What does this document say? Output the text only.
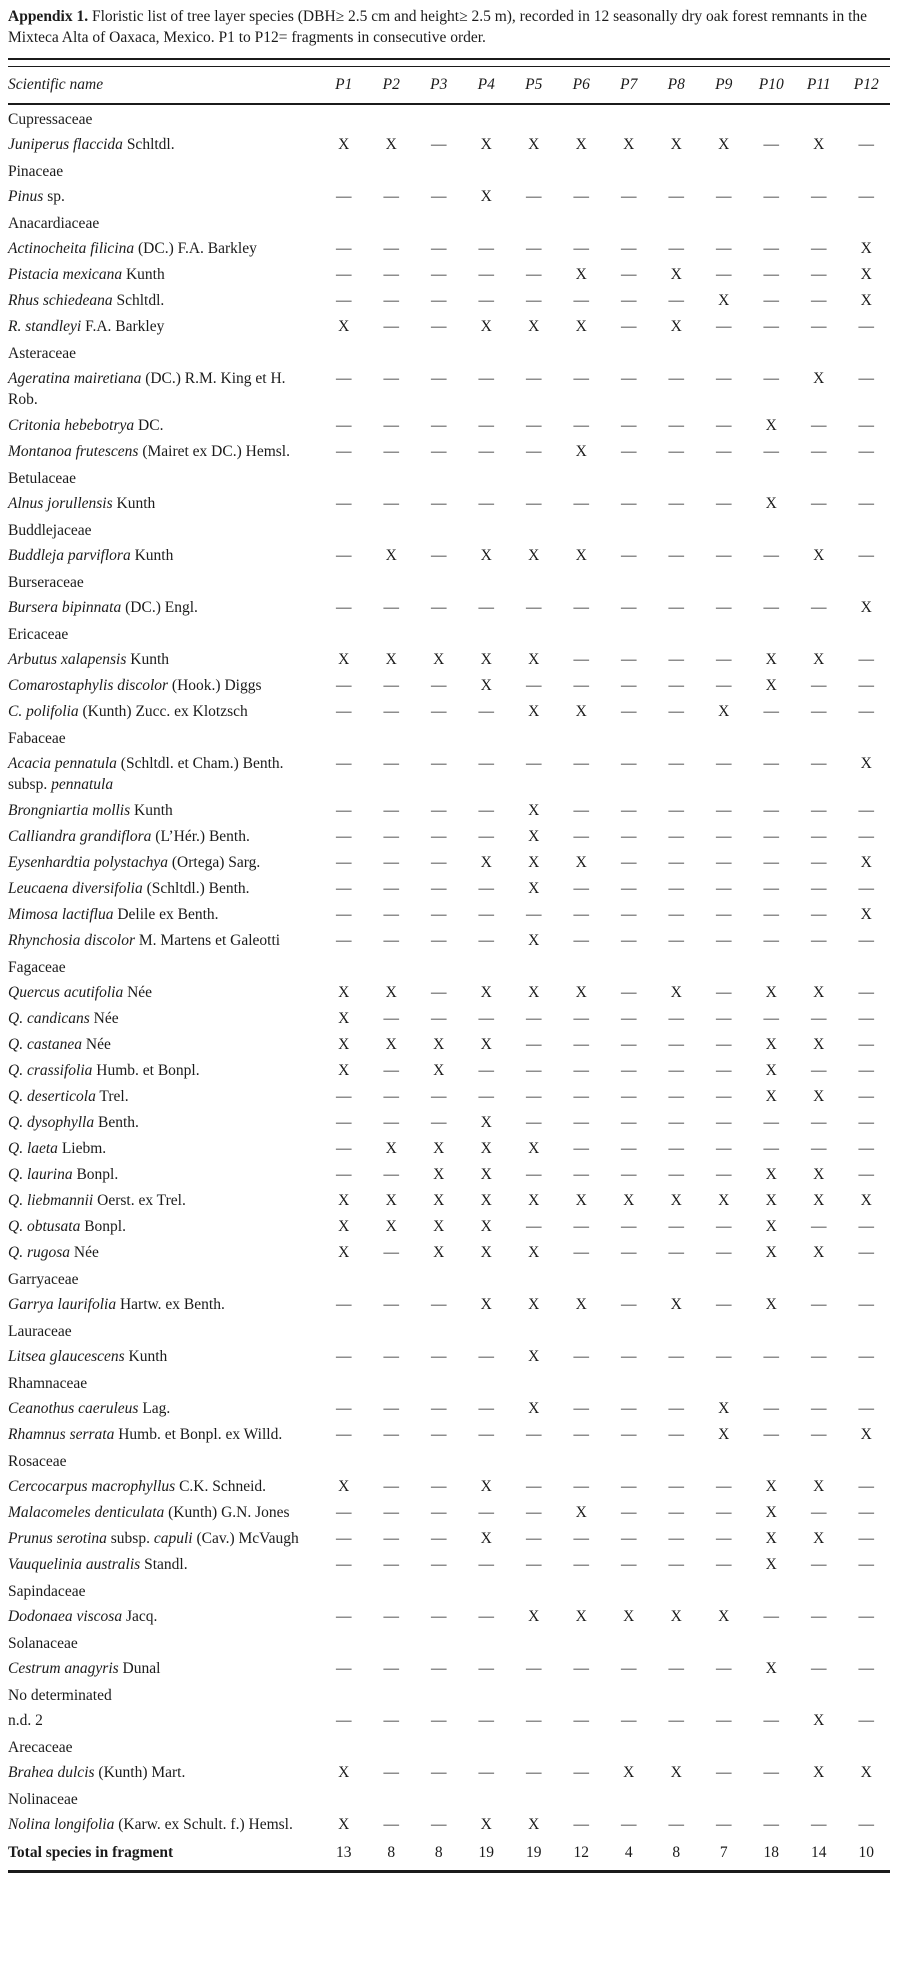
Appendix 1. Floristic list of tree layer species (DBH≥ 2.5 cm and height≥ 2.5 m), recorded in 12 seasonally dry oak forest remnants in the Mixteca Alta of Oaxaca, Mexico. P1 to P12= fragments in consecutive order.

Scientific name	P1	P2	P3	P4	P5	P6	P7	P8	P9	P10	P11	P12
Cupressaceae												
Juniperus flaccida Schltdl.	X	X	—	X	X	X	X	X	X	—	X	—
Pinaceae												
Pinus sp.	—	—	—	X	—	—	—	—	—	—	—	—
Anacardiaceae												
Actinocheita filicina (DC.) F.A. Barkley	—	—	—	—	—	—	—	—	—	—	—	X
Pistacia mexicana Kunth	—	—	—	—	—	X	—	X	—	—	—	X
Rhus schiedeana Schltdl.	—	—	—	—	—	—	—	—	X	—	—	X
R. standleyi F.A. Barkley	X	—	—	X	X	X	—	X	—	—	—	—
Asteraceae												
Ageratina mairetiana (DC.) R.M. King et H. Rob.	—	—	—	—	—	—	—	—	—	—	X	—
Critonia hebebotrya DC.	—	—	—	—	—	—	—	—	—	X	—	—
Montanoa frutescens (Mairet ex DC.) Hemsl.	—	—	—	—	—	X	—	—	—	—	—	—
Betulaceae												
Alnus jorullensis Kunth	—	—	—	—	—	—	—	—	—	X	—	—
Buddlejaceae												
Buddleja parviflora Kunth	—	X	—	X	X	X	—	—	—	—	X	—
Burseraceae												
Bursera bipinnata (DC.) Engl.	—	—	—	—	—	—	—	—	—	—	—	X
Ericaceae												
Arbutus xalapensis Kunth	X	X	X	X	X	—	—	—	—	X	X	—
Comarostaphylis discolor (Hook.) Diggs	—	—	—	X	—	—	—	—	—	X	—	—
C. polifolia (Kunth) Zucc. ex Klotzsch	—	—	—	—	X	X	—	—	X	—	—	—
Fabaceae												
Acacia pennatula (Schltdl. et Cham.) Benth. subsp. pennatula	—	—	—	—	—	—	—	—	—	—	—	X
Brongniartia mollis Kunth	—	—	—	—	X	—	—	—	—	—	—	—
Calliandra grandiflora (L’Hér.) Benth.	—	—	—	—	X	—	—	—	—	—	—	—
Eysenhardtia polystachya (Ortega) Sarg.	—	—	—	X	X	X	—	—	—	—	—	X
Leucaena diversifolia (Schltdl.) Benth.	—	—	—	—	X	—	—	—	—	—	—	—
Mimosa lactiflua Delile ex Benth.	—	—	—	—	—	—	—	—	—	—	—	X
Rhynchosia discolor M. Martens et Galeotti	—	—	—	—	X	—	—	—	—	—	—	—
Fagaceae												
Quercus acutifolia Née	X	X	—	X	X	X	—	X	—	X	X	—
Q. candicans Née	X	—	—	—	—	—	—	—	—	—	—	—
Q. castanea Née	X	X	X	X	—	—	—	—	—	X	X	—
Q. crassifolia Humb. et Bonpl.	X	—	X	—	—	—	—	—	—	X	—	—
Q. deserticola Trel.	—	—	—	—	—	—	—	—	—	X	X	—
Q. dysophylla Benth.	—	—	—	X	—	—	—	—	—	—	—	—
Q. laeta Liebm.	—	X	X	X	X	—	—	—	—	—	—	—
Q. laurina Bonpl.	—	—	X	X	—	—	—	—	—	X	X	—
Q. liebmannii Oerst. ex Trel.	X	X	X	X	X	X	X	X	X	X	X	X
Q. obtusata Bonpl.	X	X	X	X	—	—	—	—	—	X	—	—
Q. rugosa Née	X	—	X	X	X	—	—	—	—	X	X	—
Garryaceae												
Garrya laurifolia Hartw. ex Benth.	—	—	—	X	X	X	—	X	—	X	—	—
Lauraceae												
Litsea glaucescens Kunth	—	—	—	—	X	—	—	—	—	—	—	—
Rhamnaceae												
Ceanothus caeruleus Lag.	—	—	—	—	X	—	—	—	X	—	—	—
Rhamnus serrata Humb. et Bonpl. ex Willd.	—	—	—	—	—	—	—	—	X	—	—	X
Rosaceae												
Cercocarpus macrophyllus C.K. Schneid.	X	—	—	X	—	—	—	—	—	X	X	—
Malacomeles denticulata (Kunth) G.N. Jones	—	—	—	—	—	X	—	—	—	X	—	—
Prunus serotina subsp. capuli (Cav.) McVaugh	—	—	—	X	—	—	—	—	—	X	X	—
Vauquelinia australis Standl.	—	—	—	—	—	—	—	—	—	X	—	—
Sapindaceae												
Dodonaea viscosa Jacq.	—	—	—	—	X	X	X	X	X	—	—	—
Solanaceae												
Cestrum anagyris Dunal	—	—	—	—	—	—	—	—	—	X	—	—
No determinated												
n.d. 2	—	—	—	—	—	—	—	—	—	—	X	—
Arecaceae												
Brahea dulcis (Kunth) Mart.	X	—	—	—	—	—	X	X	—	—	X	X
Nolinaceae												
Nolina longifolia (Karw. ex Schult. f.) Hemsl.	X	—	—	X	X	—	—	—	—	—	—	—
Total species in fragment	13	8	8	19	19	12	4	8	7	18	14	10
